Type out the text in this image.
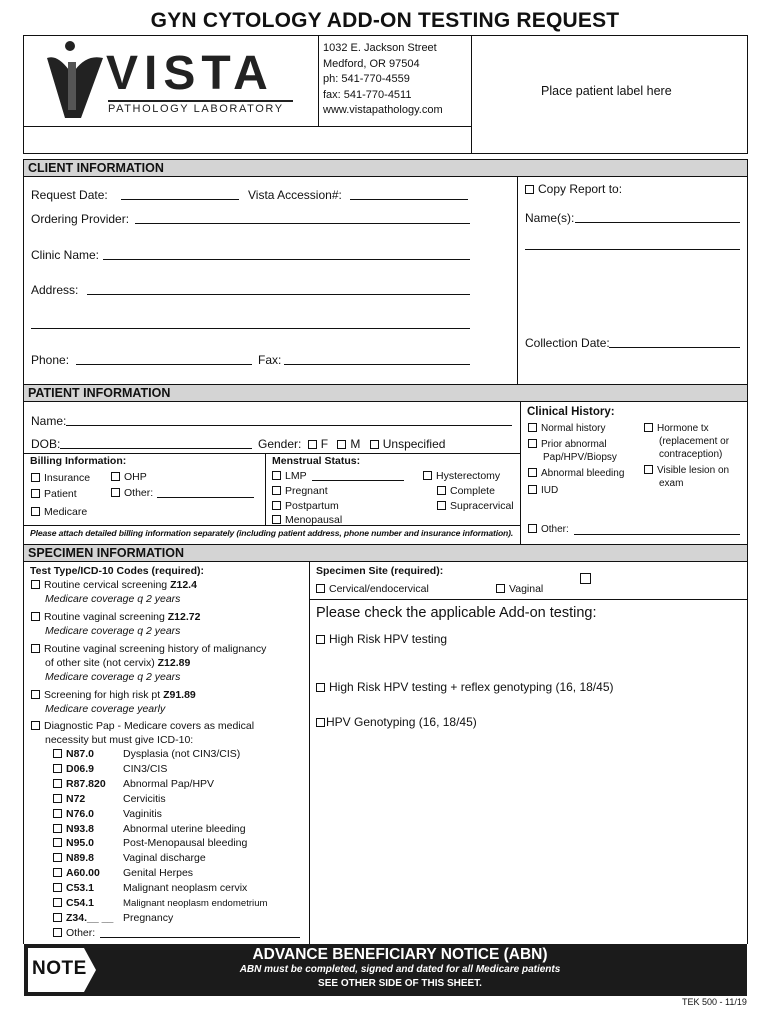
GYN CYTOLOGY ADD-ON TESTING REQUEST
VISTA
PATHOLOGY LABORATORY
1032 E. Jackson Street
Medford, OR 97504
ph: 541-770-4559
fax: 541-770-4511
www.vistapathology.com
Place patient label here
CLIENT INFORMATION
Request Date:	Vista Accession#:
Ordering Provider:
Clinic Name:
Address:
Phone:	Fax:
Copy Report to:
Name(s):
Collection Date:
PATIENT INFORMATION
Name:
DOB:	Gender: F M Unspecified
Billing Information:
Insurance	OHP
Patient	Other:
Medicare
Menstrual Status:
LMP
Pregnant
Postpartum
Menopausal
Hysterectomy
Complete
Supracervical
Please attach detailed billing information separately (including patient address, phone number and insurance information).
Clinical History:
Normal history
Prior abnormal
Pap/HPV/Biopsy
Abnormal bleeding
IUD
Hormone tx
(replacement or
contraception)
Visible lesion on
exam
Other:
SPECIMEN INFORMATION
Test Type/ICD-10 Codes (required):
Routine cervical screening Z12.4
Medicare coverage q 2 years
Routine vaginal screening Z12.72
Medicare coverage q 2 years
Routine vaginal screening history of malignancy
of other site (not cervix) Z12.89
Medicare coverage q 2 years
Screening for high risk pt Z91.89
Medicare coverage yearly
Diagnostic Pap - Medicare covers as medical
necessity but must give ICD-10:
N87.0	Dysplasia (not CIN3/CIS)
D06.9	CIN3/CIS
R87.820 Abnormal Pap/HPV
N72	Cervicitis
N76.0	Vaginitis
N93.8	Abnormal uterine bleeding
N95.0	Post-Menopausal bleeding
N89.8	Vaginal discharge
A60.00 Genital Herpes
C53.1	Malignant neoplasm cervix
C54.1	Malignant neoplasm endometrium
Z34.__ __ Pregnancy
Other:
Specimen Site (required):
Cervical/endocervical	Vaginal
Please check the applicable Add-on testing:
High Risk HPV testing
High Risk HPV testing + reflex genotyping (16, 18/45)
HPV Genotyping (16, 18/45)
NOTE
ADVANCE BENEFICIARY NOTICE (ABN)
ABN must be completed, signed and dated for all Medicare patients
SEE OTHER SIDE OF THIS SHEET.
TEK 500 - 11/19
